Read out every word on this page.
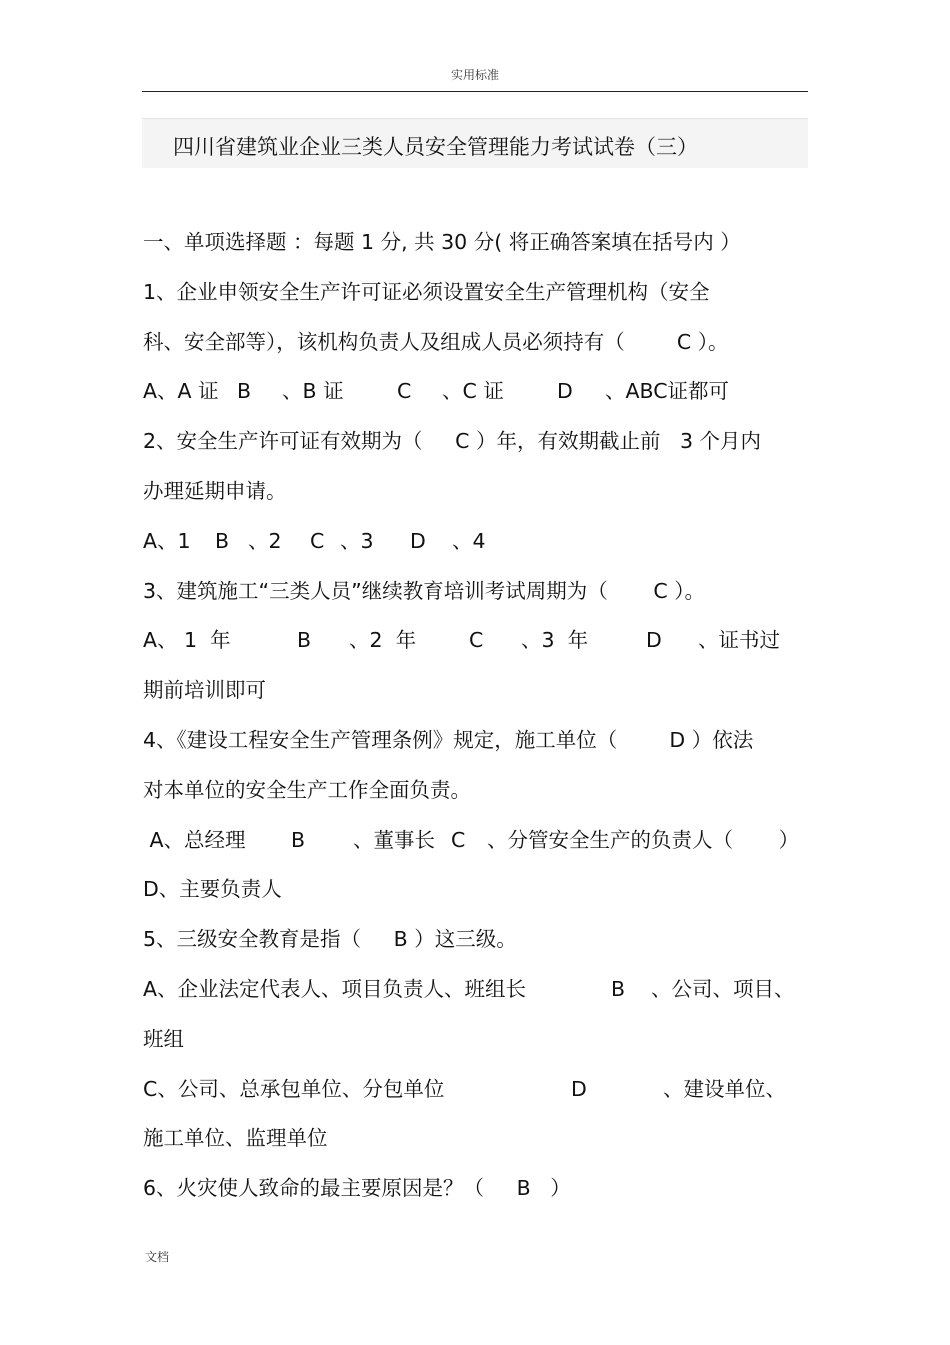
实用标准
四川省建筑业企业三类人员安全管理能力考试试卷（三）
一、单项选择题 ：每题 1 分, 共 30 分( 将正确答案填在括号内 ）
1、企业申领安全生产许可证必须设置安全生产管理机构（安全
科、安全部等），该机构负责人及组成人员必须持有（        C ）。
A、A 证 B	、B 证	C	、C 证	D	、ABC证都可
2、安全生产许可证有效期为（     C ）年，有效期截止前   3 个月内
办理延期申请。
A、1	B 、2	C 、3	D	、4
3、建筑施工“三类人员”继续教育培训考试周期为（       C ）。
A、 1  年	B	、2  年	C	、3  年	D	、证书过
期前培训即可
4、《建设工程安全生产管理条例》规定，施工单位（        D ）依法
对本单位的安全生产工作全面负责。
A、总经理	B	、董事长 C	、分管安全生产的负责人（       ）
D、主要负责人
5、三级安全教育是指（     B ）这三级。
A、企业法定代表人、项目负责人、班组长	B	、公司、项目、
班组
C、公司、总承包单位、分包单位	D	、建设单位、
施工单位、监理单位
6、火灾使人致命的最主要原因是？（     B   ）
文档
